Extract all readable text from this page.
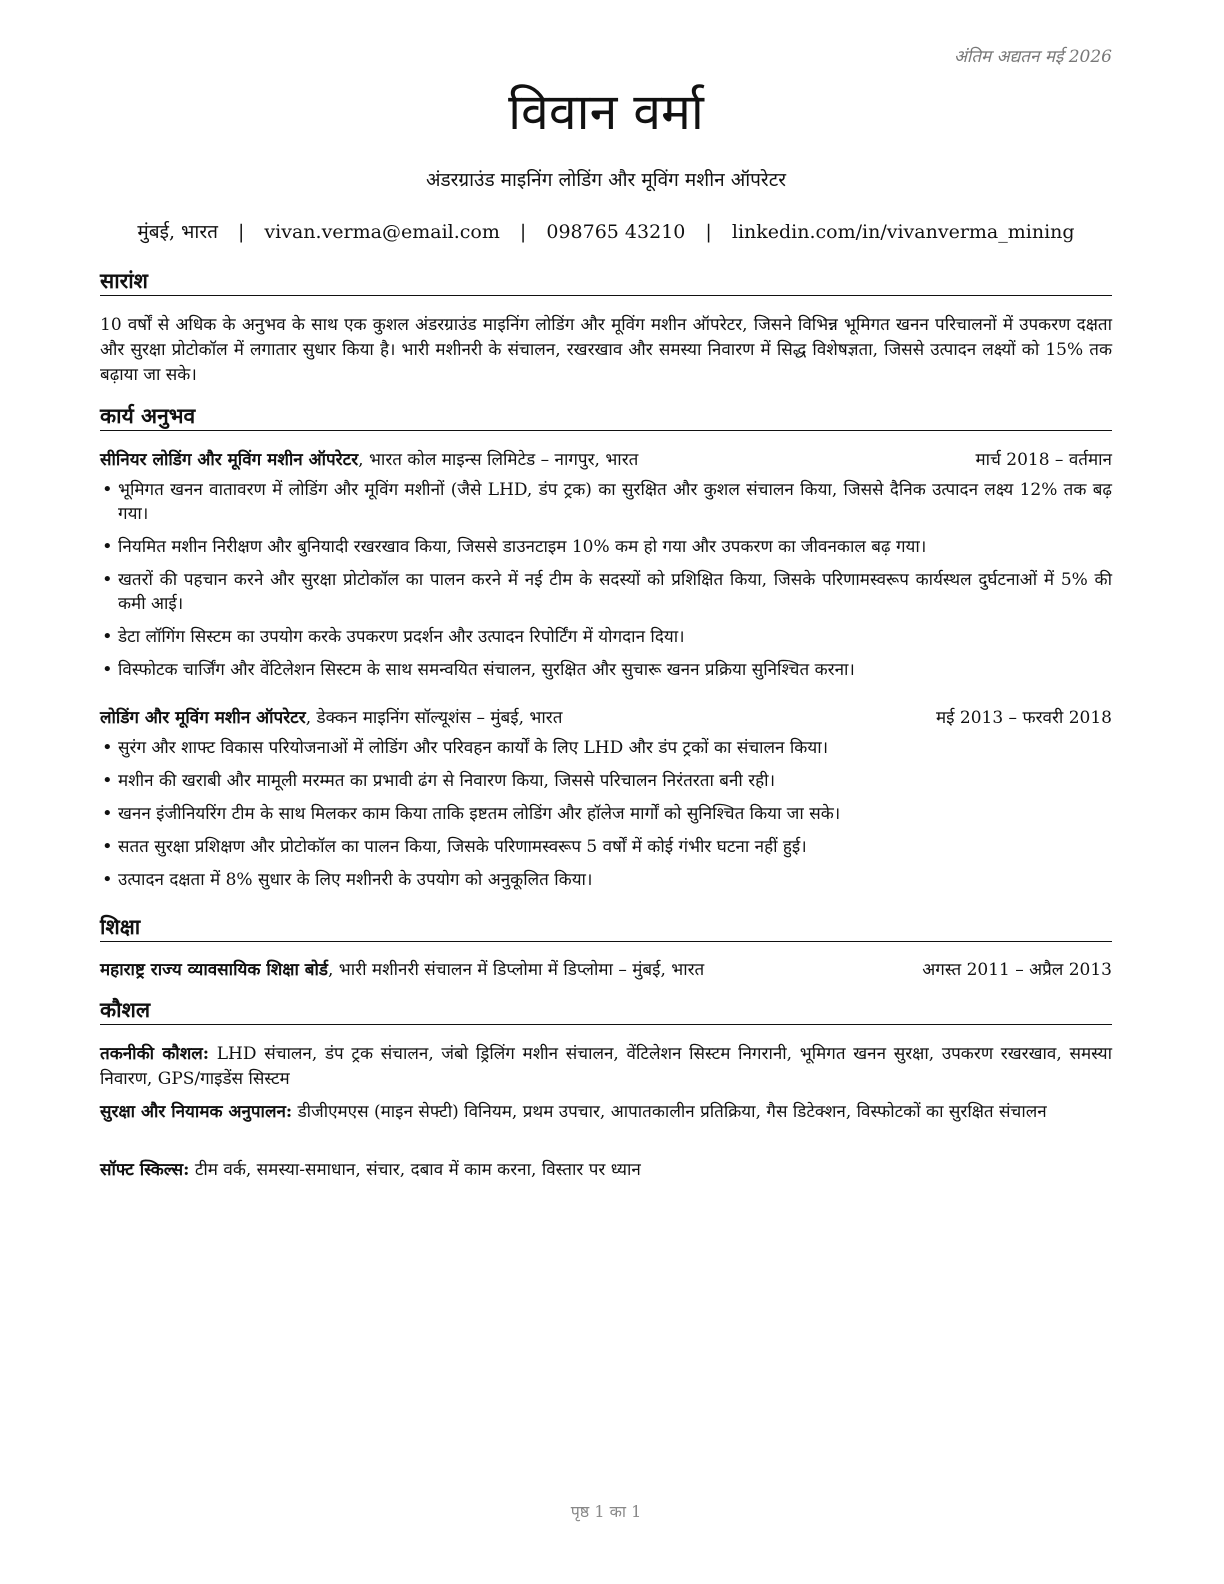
अंतिम अद्यतन मई 2026
विवान वर्मा

अंडरग्राउंड माइनिंग लोडिंग और मूविंग मशीन ऑपरेटर

मुंबई, भारत | vivan.verma@email.com | 098765 43210 | linkedin.com/in/vivanverma_mining
सारांश

10 वर्षों से अधिक के अनुभव के साथ एक कुशल अंडरग्राउंड माइनिंग लोडिंग और मूविंग मशीन ऑपरेटर, जिसने विभिन्न भूमिगत खनन परिचालनों में उपकरण दक्षता और सुरक्षा प्रोटोकॉल में लगातार सुधार किया है। भारी मशीनरी के संचालन, रखरखाव और समस्या निवारण में सिद्ध विशेषज्ञता, जिससे उत्पादन लक्ष्यों को 15% तक बढ़ाया जा सके।

कार्य अनुभव
सीनियर लोडिंग और मूविंग मशीन ऑपरेटर, भारत कोल माइन्स लिमिटेड – नागपुर, भारत	मार्च 2018 – वर्तमान
• भूमिगत खनन वातावरण में लोडिंग और मूविंग मशीनों (जैसे LHD, डंप ट्रक) का सुरक्षित और कुशल संचालन किया, जिससे दैनिक उत्पादन लक्ष्य 12% तक बढ़ गया।
• नियमित मशीन निरीक्षण और बुनियादी रखरखाव किया, जिससे डाउनटाइम 10% कम हो गया और उपकरण का जीवनकाल बढ़ गया।
• खतरों की पहचान करने और सुरक्षा प्रोटोकॉल का पालन करने में नई टीम के सदस्यों को प्रशिक्षित किया, जिसके परिणामस्वरूप कार्यस्थल दुर्घटनाओं में 5% की कमी आई।
• डेटा लॉगिंग सिस्टम का उपयोग करके उपकरण प्रदर्शन और उत्पादन रिपोर्टिंग में योगदान दिया।
• विस्फोटक चार्जिंग और वेंटिलेशन सिस्टम के साथ समन्वयित संचालन, सुरक्षित और सुचारू खनन प्रक्रिया सुनिश्चित करना।
लोडिंग और मूविंग मशीन ऑपरेटर, डेक्कन माइनिंग सॉल्यूशंस – मुंबई, भारत	मई 2013 – फरवरी 2018
• सुरंग और शाफ्ट विकास परियोजनाओं में लोडिंग और परिवहन कार्यों के लिए LHD और डंप ट्रकों का संचालन किया।
• मशीन की खराबी और मामूली मरम्मत का प्रभावी ढंग से निवारण किया, जिससे परिचालन निरंतरता बनी रही।
• खनन इंजीनियरिंग टीम के साथ मिलकर काम किया ताकि इष्टतम लोडिंग और हॉलेज मार्गों को सुनिश्चित किया जा सके।
• सतत सुरक्षा प्रशिक्षण और प्रोटोकॉल का पालन किया, जिसके परिणामस्वरूप 5 वर्षों में कोई गंभीर घटना नहीं हुई।
• उत्पादन दक्षता में 8% सुधार के लिए मशीनरी के उपयोग को अनुकूलित किया।
शिक्षा
महाराष्ट्र राज्य व्यावसायिक शिक्षा बोर्ड, भारी मशीनरी संचालन में डिप्लोमा में डिप्लोमा – मुंबई, भारत	अगस्त 2011 – अप्रैल 2013
कौशल

तकनीकी कौशल: LHD संचालन, डंप ट्रक संचालन, जंबो ड्रिलिंग मशीन संचालन, वेंटिलेशन सिस्टम निगरानी, भूमिगत खनन सुरक्षा, उपकरण रखरखाव, समस्या निवारण, GPS/गाइडेंस सिस्टम

सुरक्षा और नियामक अनुपालन: डीजीएमएस (माइन सेफ्टी) विनियम, प्रथम उपचार, आपातकालीन प्रतिक्रिया, गैस डिटेक्शन, विस्फोटकों का सुरक्षित संचालन

सॉफ्ट स्किल्स: टीम वर्क, समस्या-समाधान, संचार, दबाव में काम करना, विस्तार पर ध्यान

पृष्ठ 1 का 1
